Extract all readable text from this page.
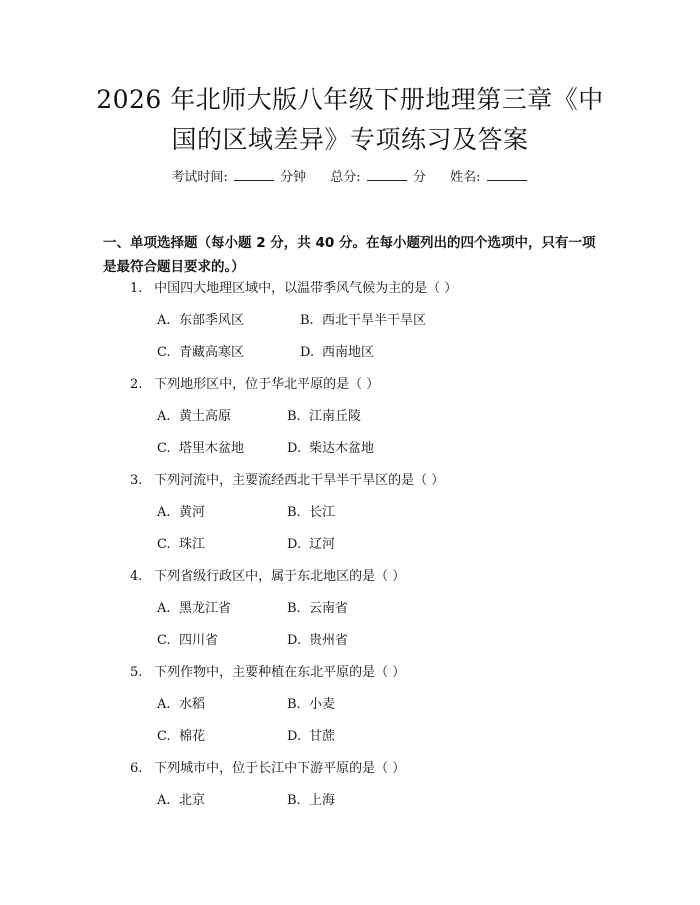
2026 年北师大版八年级下册地理第三章《中
国的区域差异》专项练习及答案
考试时间:	分钟 总分:	分 姓名:
一、单项选择题（每小题 2 分，共 40 分。在每小题列出的四个选项中，只有一项
是最符合题目要求的。）
1. 中国四大地理区域中，以温带季风气候为主的是（ ）
A. 东部季风区	B. 西北干旱半干旱区
C. 青藏高寒区	D. 西南地区
2. 下列地形区中，位于华北平原的是（ ）
A. 黄土高原	B. 江南丘陵
C. 塔里木盆地	D. 柴达木盆地
3. 下列河流中，主要流经西北干旱半干旱区的是（ ）
A. 黄河	B. 长江
C. 珠江	D. 辽河
4. 下列省级行政区中，属于东北地区的是（ ）
A. 黑龙江省	B. 云南省
C. 四川省	D. 贵州省
5. 下列作物中，主要种植在东北平原的是（ ）
A. 水稻	B. 小麦
C. 棉花	D. 甘蔗
6. 下列城市中，位于长江中下游平原的是（ ）
A. 北京	B. 上海
